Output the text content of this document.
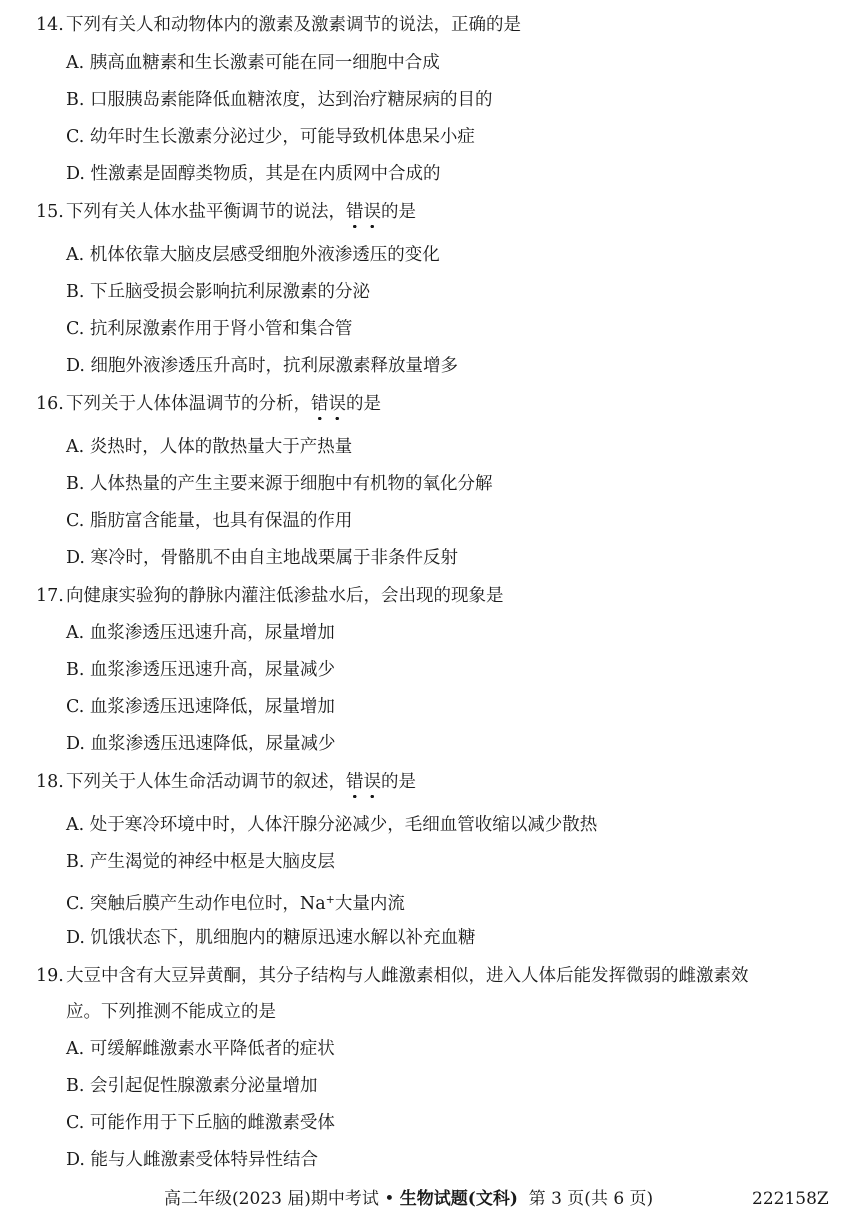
14. 下列有关人和动物体内的激素及激素调节的说法，正确的是
A. 胰高血糖素和生长激素可能在同一细胞中合成
B. 口服胰岛素能降低血糖浓度，达到治疗糖尿病的目的
C. 幼年时生长激素分泌过少，可能导致机体患呆小症
D. 性激素是固醇类物质，其是在内质网中合成的
15. 下列有关人体水盐平衡调节的说法，错误的是
A. 机体依靠大脑皮层感受细胞外液渗透压的变化
B. 下丘脑受损会影响抗利尿激素的分泌
C. 抗利尿激素作用于肾小管和集合管
D. 细胞外液渗透压升高时，抗利尿激素释放量增多
16. 下列关于人体体温调节的分析，错误的是
A. 炎热时，人体的散热量大于产热量
B. 人体热量的产生主要来源于细胞中有机物的氧化分解
C. 脂肪富含能量，也具有保温的作用
D. 寒冷时，骨骼肌不由自主地战栗属于非条件反射
17. 向健康实验狗的静脉内灌注低渗盐水后，会出现的现象是
A. 血浆渗透压迅速升高，尿量增加
B. 血浆渗透压迅速升高，尿量减少
C. 血浆渗透压迅速降低，尿量增加
D. 血浆渗透压迅速降低，尿量减少
18. 下列关于人体生命活动调节的叙述，错误的是
A. 处于寒冷环境中时，人体汗腺分泌减少，毛细血管收缩以减少散热
B. 产生渴觉的神经中枢是大脑皮层
C. 突触后膜产生动作电位时，Na+大量内流
D. 饥饿状态下，肌细胞内的糖原迅速水解以补充血糖
19. 大豆中含有大豆异黄酮，其分子结构与人雌激素相似，进入人体后能发挥微弱的雌激素效
应。下列推测不能成立的是
A. 可缓解雌激素水平降低者的症状
B. 会引起促性腺激素分泌量增加
C. 可能作用于下丘脑的雌激素受体
D. 能与人雌激素受体特异性结合
高二年级(2023 届)期中考试 • 生物试题(文科)  第 3 页(共 6 页)	222158Z
